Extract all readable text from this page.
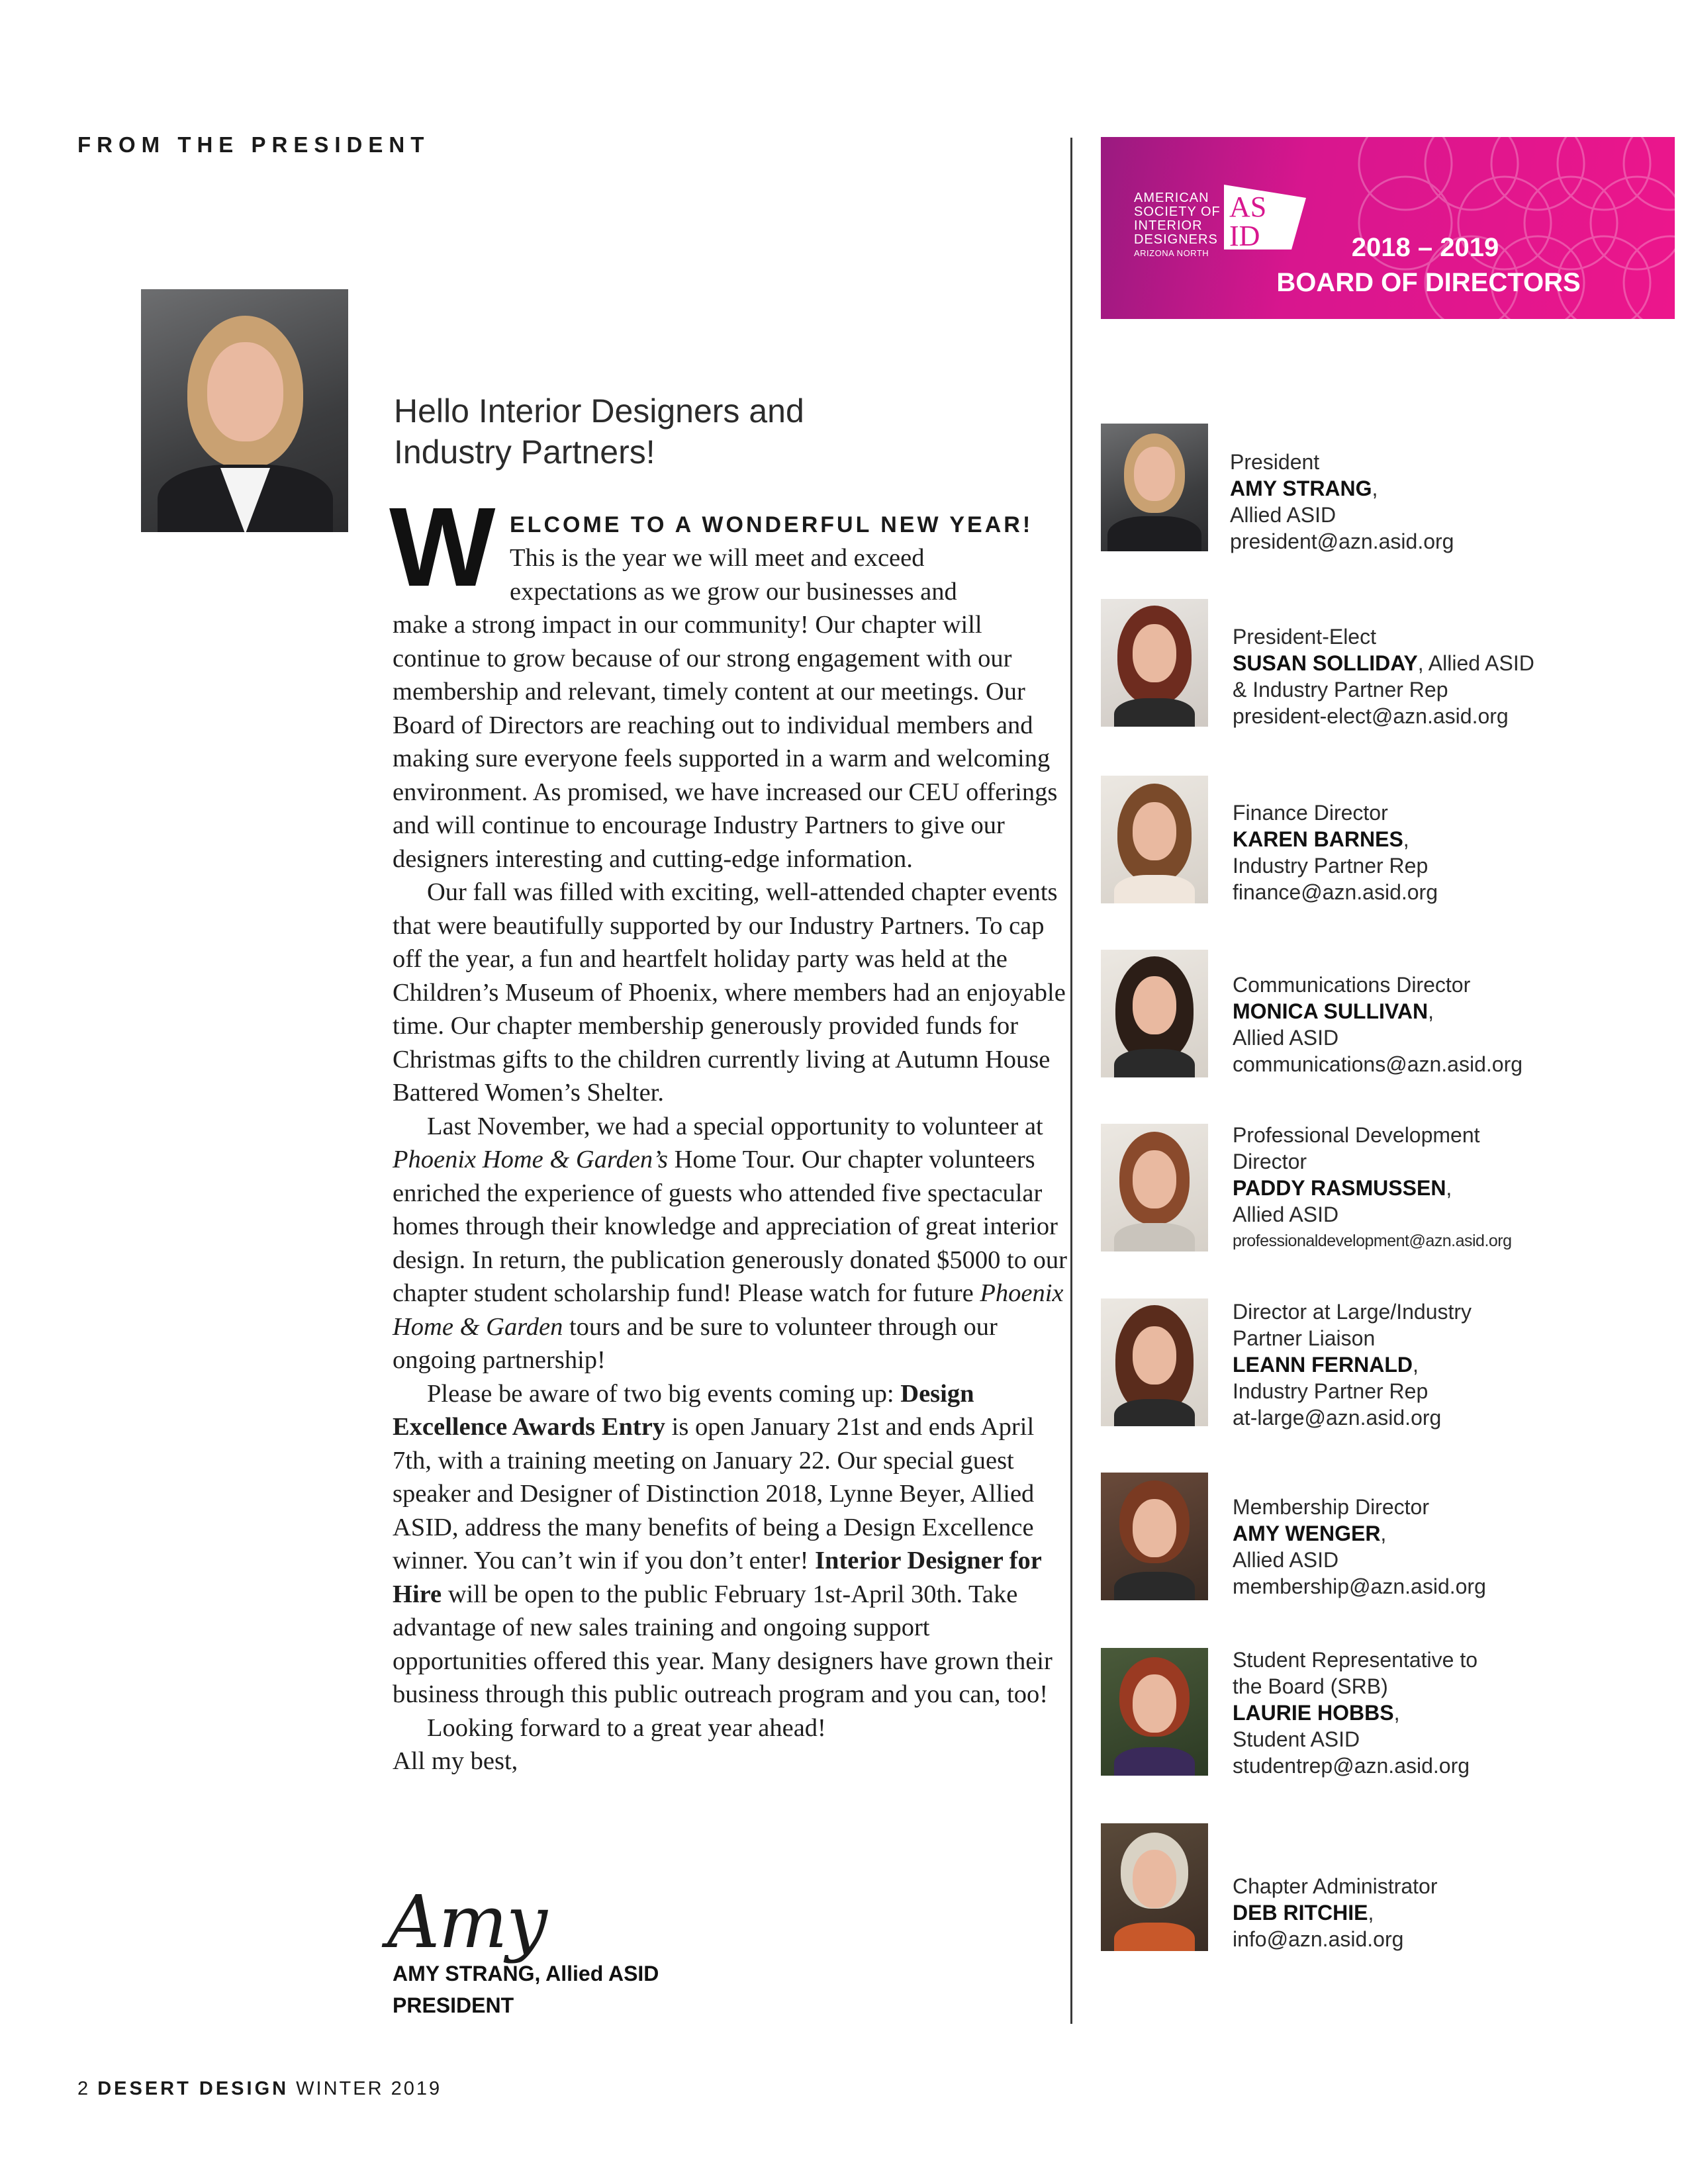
FROM THE PRESIDENT
Hello Interior Designers and
Industry Partners!
W ELCOME TO A WONDERFUL NEW YEAR!
This is the year we will meet and exceed
expectations as we grow our businesses and

make a strong impact in our community! Our chapter will continue to grow because of our strong engagement with our membership and relevant, timely content at our meetings. Our Board of Directors are reaching out to individual members and making sure everyone feels supported in a warm and welcoming environment. As promised, we have increased our CEU offerings and will continue to encourage Industry Partners to give our designers interesting and cutting-edge information.

Our fall was filled with exciting, well-attended chapter events that were beautifully supported by our Industry Partners. To cap off the year, a fun and heartfelt holiday party was held at the Children’s Museum of Phoenix, where members had an enjoyable time. Our chapter membership generously provided funds for Christmas gifts to the children currently living at Autumn House Battered Women’s Shelter.

Last November, we had a special opportunity to volunteer at Phoenix Home & Garden’s Home Tour. Our chapter volunteers enriched the experience of guests who attended five spectacular homes through their knowledge and appreciation of great interior design. In return, the publication generously donated $5000 to our chapter student scholarship fund! Please watch for future Phoenix Home & Garden tours and be sure to volunteer through our ongoing partnership!

Please be aware of two big events coming up: Design Excellence Awards Entry is open January 21st and ends April 7th, with a training meeting on January 22. Our special guest speaker and Designer of Distinction 2018, Lynne Beyer, Allied ASID, address the many benefits of being a Design Excellence winner. You can’t win if you don’t enter! Interior Designer for Hire will be open to the public February 1st-April 30th. Take advantage of new sales training and ongoing support opportunities offered this year. Many designers have grown their business through this public outreach program and you can, too!

Looking forward to a great year ahead!

All my best,

Amy
AMY STRANG, Allied ASID
PRESIDENT
AMERICAN
SOCIETY OF
INTERIOR
DESIGNERS
ARIZONA NORTH
AS
ID	2018 – 2019
BOARD OF DIRECTORS
President
AMY STRANG,
Allied ASID
president@azn.asid.org
President-Elect
SUSAN SOLLIDAY, Allied ASID
& Industry Partner Rep
president-elect@azn.asid.org
Finance Director
KAREN BARNES,
Industry Partner Rep
finance@azn.asid.org
Communications Director
MONICA SULLIVAN,
Allied ASID
communications@azn.asid.org
Professional Development
Director
PADDY RASMUSSEN,
Allied ASID
professionaldevelopment@azn.asid.org
Director at Large/Industry
Partner Liaison
LEANN FERNALD,
Industry Partner Rep
at-large@azn.asid.org
Membership Director
AMY WENGER,
Allied ASID
membership@azn.asid.org
Student Representative to
the Board (SRB)
LAURIE HOBBS,
Student ASID
studentrep@azn.asid.org
Chapter Administrator
DEB RITCHIE,
info@azn.asid.org
2 DESERT DESIGN WINTER 2019
